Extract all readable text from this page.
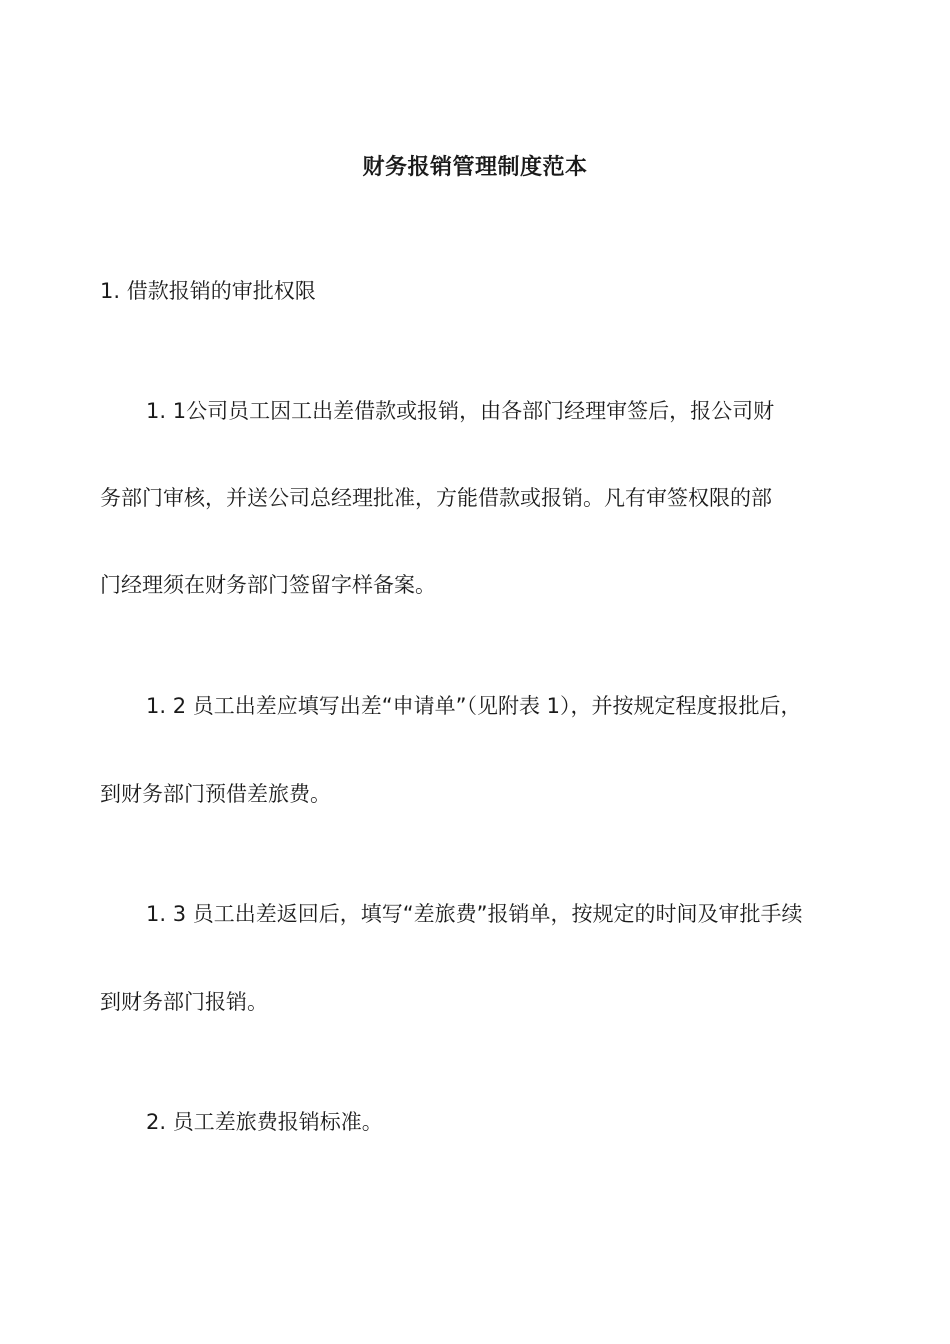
财务报销管理制度范本
1. 借款报销的审批权限
1. 1公司员工因工出差借款或报销，由各部门经理审签后，报公司财
务部门审核，并送公司总经理批准，方能借款或报销。凡有审签权限的部
门经理须在财务部门签留字样备案。
1. 2 员工出差应填写出差“申请单”（见附表 1），并按规定程度报批后，
到财务部门预借差旅费。
1. 3 员工出差返回后，填写“差旅费”报销单，按规定的时间及审批手续
到财务部门报销。
2. 员工差旅费报销标准。
